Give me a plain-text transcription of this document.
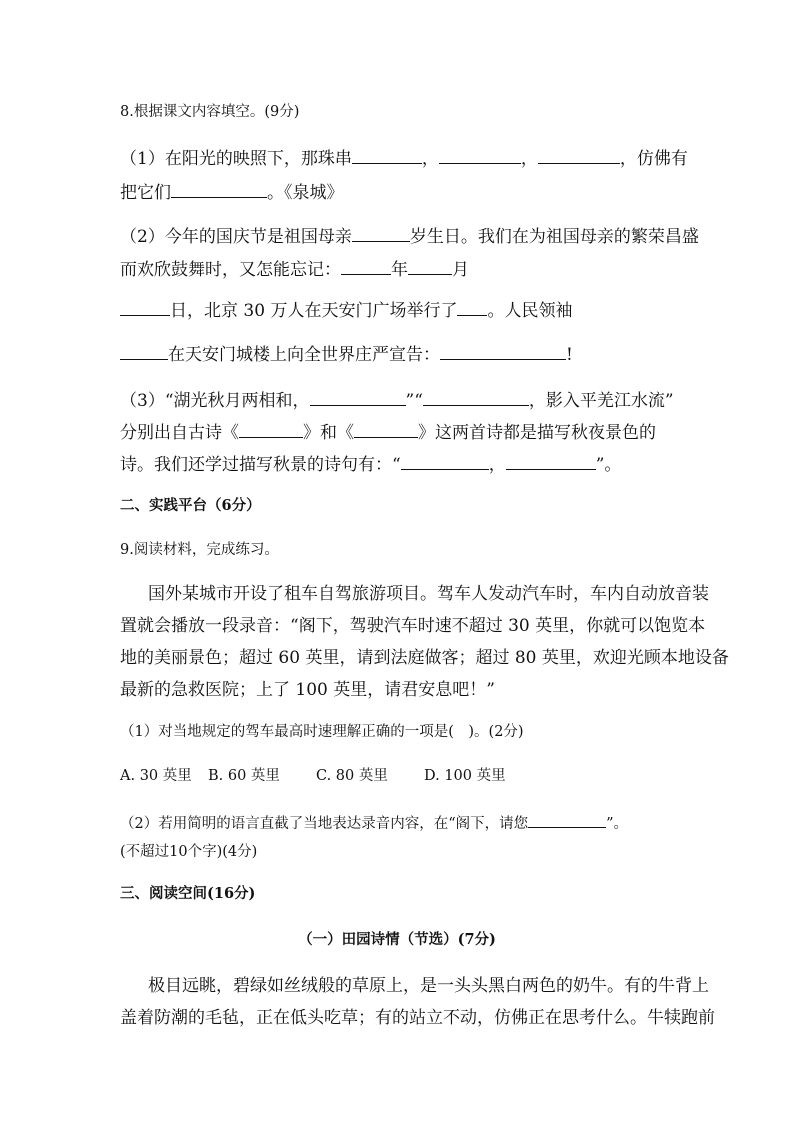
8.根据课文内容填空。(9分)
（1）在阳光的映照下，那珠串	，	，	，仿佛有
把它们	。《泉城》
（2）今年的国庆节是祖国母亲	岁生日。我们在为祖国母亲的繁荣昌盛
而欢欣鼓舞时，又怎能忘记：	年	月
日，北京 30 万人在天安门广场举行了 。人民领袖
在天安门城楼上向全世界庄严宣告：	!
（3）“湖光秋月两相和，	”“	，影入平羌江水流”
分别出自古诗《	》和《	》这两首诗都是描写秋夜景色的
诗。我们还学过描写秋景的诗句有：“	，	”。
二、实践平台（6分）
9.阅读材料，完成练习。
国外某城市开设了租车自驾旅游项目。驾车人发动汽车时，车内自动放音装
置就会播放一段录音：“阁下，驾驶汽车时速不超过 30 英里，你就可以饱览本
地的美丽景色；超过 60 英里，请到法庭做客；超过 80 英里，欢迎光顾本地设备
最新的急救医院；上了 100 英里，请君安息吧！”
（1）对当地规定的驾车最高时速理解正确的一项是(　)。(2分)
A. 30 英里 B. 60 英里 C. 80 英里 D. 100 英里
（2）若用简明的语言直截了当地表达录音内容，在“阁下，请您	”。
(不超过10个字)(4分)
三、阅读空间(16分)
（一）田园诗情（节选）(7分)
极目远眺，碧绿如丝绒般的草原上，是一头头黑白两色的奶牛。有的牛背上
盖着防潮的毛毡，正在低头吃草；有的站立不动，仿佛正在思考什么。牛犊跑前
